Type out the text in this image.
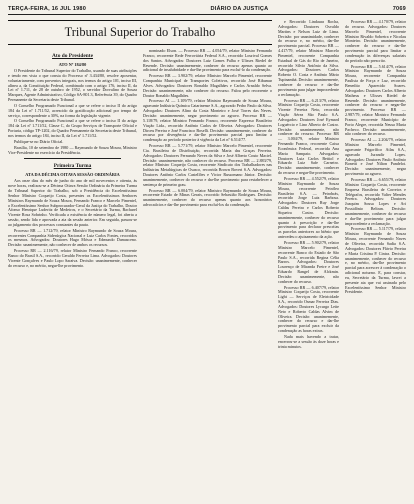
TERÇA-FEIRA, 16 JUL 1980	DIÁRIO DA JUSTIÇA	7069
Tribunal Superior do Trabalho
Ato do Presidente
ATO Nº 184/80

O Presidente do Tribunal Superior do Trabalho, usando de suas atribuições e tendo em vista o que consta do Processo nº 3.434/80, resolve aposentar, voluntariamente, com proventos integrais, nos termos do artigo 101, inciso III, alínea a, da Constituição Federal, combinado com o artigo 176, inciso II, da Lei nº 1.711, de 28 de outubro de 1952, o servidor Dorvalino de Souza Marques, Agente Administrativo, Código SA-801.3, Referência 39, do Quadro Permanente da Secretaria deste Tribunal.

O Conselho Programado Funcional a que se refere o inciso II do artigo 184 da Lei nº 1.711/52, acrescido da gratificação adicional por tempo de serviço, correspondente a 30%, na forma da legislação vigente.

O Conselho Programado Funcional a que se refere o inciso II do artigo 184 da Lei nº 1.711/52, Classe C, do Grupo Serviços de Transporte Oficial e Portaria, código TP-1202, do Quadro Permanente da Secretaria deste Tribunal, nos termos do artigo 184, inciso II, da Lei nº 1.711/52.

Publique-se no Diário Oficial.

Brasília, 10 de setembro de 1980 — Raymundo de Souza Moura, Ministro Vice-Presidente no exercício da Presidência.

Primeira Turma
ATA DA DÉCIMA OITAVA SESSÃO ORDINÁRIA

Aos onze dias do mês de junho do ano de mil novecentos e oitenta, às nove horas, realizou-se a Décima Oitava Sessão Ordinária da Primeira Turma do Tribunal Superior do Trabalho, sob a Presidência do Excelentíssimo Senhor Ministro Coqueijo Costa, presentes os Excelentíssimos Senhores Ministros Raymundo de Souza Moura, Fernando Franco e Marcelo Pimentel, o Excelentíssimo Senhor Subprocurador-Geral da Justiça do Trabalho, Doutor Afonso Henrique Luderitz de Medeiros, e o Secretário da Turma, Bacharel Vicente Rosa Sobrinho. Verificada a existência de número legal, foi aberta a sessão, sendo lida e aprovada a ata da sessão anterior. Em seguida, passou-se ao julgamento dos processos constantes da pauta.

Processo RR — 1.712/79, relator Ministro Raymundo de Souza Moura, recorrentes Companhia Siderúrgica Nacional e Luiz Carlos Fontes, recorridos os mesmos. Advogados: Doutores Hugo Mósca e Edmundo Damasceno. Decisão: unanimemente, não conhecer de ambos os recursos.

Processo RR — 2.116/79, relator Ministro Fernando Franco, recorrente Banco do Brasil S.A., recorrido Geraldo Ferreira Lima. Advogados: Doutores Vicente Gonçalves e Paulo Lopo Saraiva. Decisão: unanimemente, conhecer do recurso e, no mérito, negar-lhe provimento.

nominado Elson. — Processo RR — 4.054/79, relator Ministro Fernando Franco, recorrente Rede Ferroviária Federal S.A., recorrido Lourival Gomes dos Santos. Advogados: Doutores Luiz Gomes Palha e Ulisses Riedel de Resende. Decisão: unanimemente, conhecer do recurso apenas quanto ao adicional de insalubridade e dar-lhe provimento para excluí-lo da condenação.

Processo RR — 3.902/79, relator Ministro Marcelo Pimentel, recorrente Companhia Municipal de Transportes Coletivos, recorrido José Ribamar Alves. Advogados: Doutores Ronaldo Magalhães e Carlos Arnaldo Selva. Decisão: unanimemente, não conhecer do recurso. Falou pelo recorrente o Doutor Ronaldo Magalhães.

Processo AI — 1.109/79, relator Ministro Raymundo de Souza Moura, agravante Indústria Química Catarinense S.A., agravado Pedro Paulo da Silva. Advogados: Doutores Alino da Costa Monteiro e José Torres das Neves. Decisão: unanimemente, negar provimento ao agravo. Processo RR — 5.118/79, relator Ministro Fernando Franco, recorrente Expresso Brasileiro Viação Ltda., recorrido Antônio Carlos de Oliveira. Advogados: Doutores Dirceu Pereira e José Francisco Boselli. Decisão: unanimemente, conhecer do recurso por divergência e dar-lhe provimento parcial para limitar a condenação ao período posterior à vigência da Lei nº 6.514/77.

Processo RR — 5.771/79, relator Ministro Marcelo Pimentel, recorrente Cia. Brasileira de Distribuição, recorrida Maria das Graças Ferreira. Advogados: Doutores Fernando Neves da Silva e José Alberto Couto Maciel. Decisão: unanimemente, não conhecer do recurso. Processo RR — 2.883/79, relator Ministro Coqueijo Costa, recorrente Sindicato dos Trabalhadores nas Indústrias Metalúrgicas de Osasco, recorrida Brown Boveri S.A. Advogados: Doutores Antônio Carlos Castellões e Victor Russomano Júnior. Decisão: unanimemente, conhecer do recurso e dar-lhe provimento para restabelecer a sentença de primeiro grau.

Processo RR — 6.004/79, relator Ministro Raymundo de Souza Moura, recorrente Estado de Minas Gerais, recorrido Sebastião Rodrigues. Decisão: unanimemente, conhecer do recurso apenas quanto aos honorários advocatícios e dar-lhe provimento para excluí-los da condenação.

e Recorrido Lindaura Rocha, Advogados: Doutores Osvaldo Martins e Nelson Luiz de Lima. Decisão: por unanimidade, conhecer do recurso e, no mérito, dar-lhe provimento parcial. Processo RR — 4.417/79, relator Ministro Marcelo Pimentel, recorrente Companhia Estadual de Gás do Rio de Janeiro, recorrido Sílvio Antônio da Silva. Advogados: Doutores Carlos Roberto O. Costa e Antônio Mário Tupinambá. Decisão: unanimemente, conhecer do recurso e dar-lhe provimento para julgar improcedente a reclamação.

Processo RR — 6.213/79, relator Ministro Coqueijo Costa, recorrente Vicente Ferreira Neto, recorrida Viação Aérea São Paulo S.A. Advogados: Doutores José Eymard Loguércio e Lino Alberto de Castro. Decisão: unanimemente, não conhecer do recurso. Processo RR — 3.004/79, relator Ministro Fernando Franco, recorrente Caixa Econômica Federal, recorrida Ana Maria Sampaio. Advogados: Doutores Luiz Carlos Bettiol e Eduardo Luiz Safe Carneiro. Decisão: unanimemente, conhecer do recurso e negar-lhe provimento.

Processo RR — 4.552/79, relator Ministro Raymundo de Souza Moura, recorrente Petróleo Brasileiro S.A. — Petrobrás, recorrido Jorge Luiz Barbosa. Advogados: Doutores Ruy Jorge Caldas Pereira e Carlos Roberto Siqueira Castro. Decisão: unanimemente, conhecer do recurso quanto à prescrição e dar-lhe provimento para declarar prescritas as parcelas anteriores ao biênio que antecedeu o ajuizamento da ação.

Processo RR — 5.902/79, relator Ministro Marcelo Pimentel, recorrente Banco do Estado de São Paulo S.A., recorrida Regina Célia Barros. Advogados: Doutores Lourenço de Miranda Freire e José Eduardo Rangel de Alckmin. Decisão: unanimemente, não conhecer do recurso.

Processo RR — 6.407/79, relator Ministro Coqueijo Costa, recorrente Light — Serviços de Eletricidade S.A., recorrido Osmar Ferreira Dias. Advogados: Doutores Lycurgo Leite Neto e Roberto Caldas Alvim de Oliveira. Decisão: unanimemente, conhecer do recurso e dar-lhe provimento parcial para excluir da condenação as horas extras.

Nada mais havendo a tratar, encerrou-se a sessão às doze horas e trinta minutos.

Processo RR — 4.170/79, relator do recurso. Advogados: Doutores Marcelo Pimentel, recorrente Ministro Rivaldo Sobreira e Nicolau Monteiro. Decisão: unanimemente, conhecer do recurso e dar-lhe provimento parcial para limitar a condenação às diferenças salariais do período não prescrito.

Processo RR — 5.614/79, relator Ministro Raymundo de Souza Moura, recorrente Companhia Paulista de Força e Luz, recorrido Benedito Aparecido Soares. Advogados: Doutores Carlos Alberto Matheus e Ulisses Riedel de Resende. Decisão: unanimemente, conhecer do recurso e negar-lhe provimento. Processo RR — 2.987/79, relator Ministro Fernando Franco, recorrente Município de Porto Alegre, recorrida Neusa Maria Pacheco. Decisão: unanimemente, não conhecer do recurso.

Processo AI — 2.204/79, relator Ministro Marcelo Pimentel, agravante Frigorífico Atlas S.A., agravado Jurandir Lopes. Advogados: Doutores Paulo Antônio Bonetti e José Nilton Pandelot. Decisão: unanimemente, negar provimento ao agravo.

Processo RR — 6.655/79, relator Ministro Coqueijo Costa, recorrente Empresa Brasileira de Correios e Telégrafos, recorrido Valter Mendes Pereira. Advogados: Doutores Joaquim Sousa Lopes e Ari Possidônio Beltran. Decisão: unanimemente, conhecer do recurso e dar-lhe provimento para julgar improcedente a reclamação.

Processo RR — 5.117/79, relator Ministro Raymundo de Souza Moura, recorrente Fernando Naves de Oliveira, recorrida Sadia S.A. Advogados: Doutores Flávio Pereira e Maria Cristina P. Cintra. Decisão: unanimemente, conhecer do recurso e, no mérito, dar-lhe provimento parcial para acrescer à condenação o adicional noturno. E, para constar, eu, Secretário da Turma, lavrei a presente ata que vai assinada pelo Excelentíssimo Senhor Ministro Presidente.
